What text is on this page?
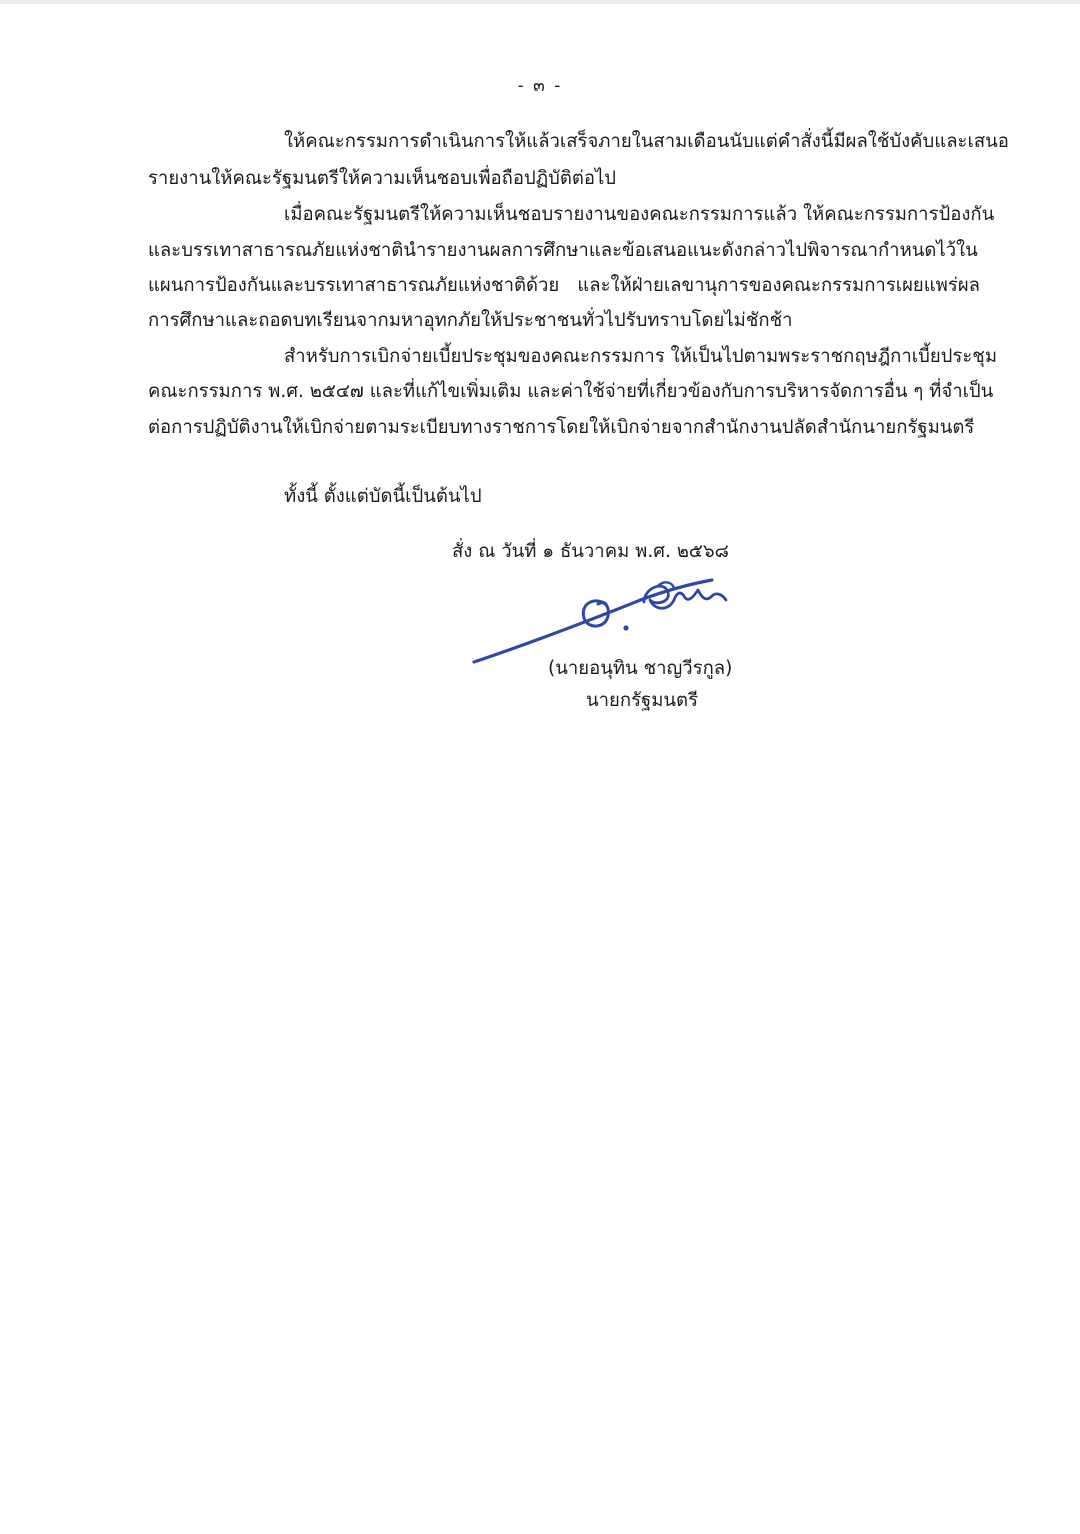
- ๓ -
ให้คณะกรรมการดำเนินการให้แล้วเสร็จภายในสามเดือนนับแต่คำสั่งนี้มีผลใช้บังคับและเสนอ
รายงานให้คณะรัฐมนตรีให้ความเห็นชอบเพื่อถือปฏิบัติต่อไป
เมื่อคณะรัฐมนตรีให้ความเห็นชอบรายงานของคณะกรรมการแล้ว ให้คณะกรรมการป้องกัน
และบรรเทาสาธารณภัยแห่งชาตินำรายงานผลการศึกษาและข้อเสนอแนะดังกล่าวไปพิจารณากำหนดไว้ใน
แผนการป้องกันและบรรเทาสาธารณภัยแห่งชาติด้วย และให้ฝ่ายเลขานุการของคณะกรรมการเผยแพร่ผล
การศึกษาและถอดบทเรียนจากมหาอุทกภัยให้ประชาชนทั่วไปรับทราบโดยไม่ชักช้า
สำหรับการเบิกจ่ายเบี้ยประชุมของคณะกรรมการ ให้เป็นไปตามพระราชกฤษฎีกาเบี้ยประชุม
คณะกรรมการ พ.ศ. ๒๕๔๗ และที่แก้ไขเพิ่มเติม และค่าใช้จ่ายที่เกี่ยวข้องกับการบริหารจัดการอื่น ๆ ที่จำเป็น
ต่อการปฏิบัติงานให้เบิกจ่ายตามระเบียบทางราชการโดยให้เบิกจ่ายจากสำนักงานปลัดสำนักนายกรัฐมนตรี
ทั้งนี้ ตั้งแต่บัดนี้เป็นต้นไป
สั่ง ณ วันที่ ๑ ธันวาคม พ.ศ. ๒๕๖๘
(นายอนุทิน ชาญวีรกูล)
นายกรัฐมนตรี
